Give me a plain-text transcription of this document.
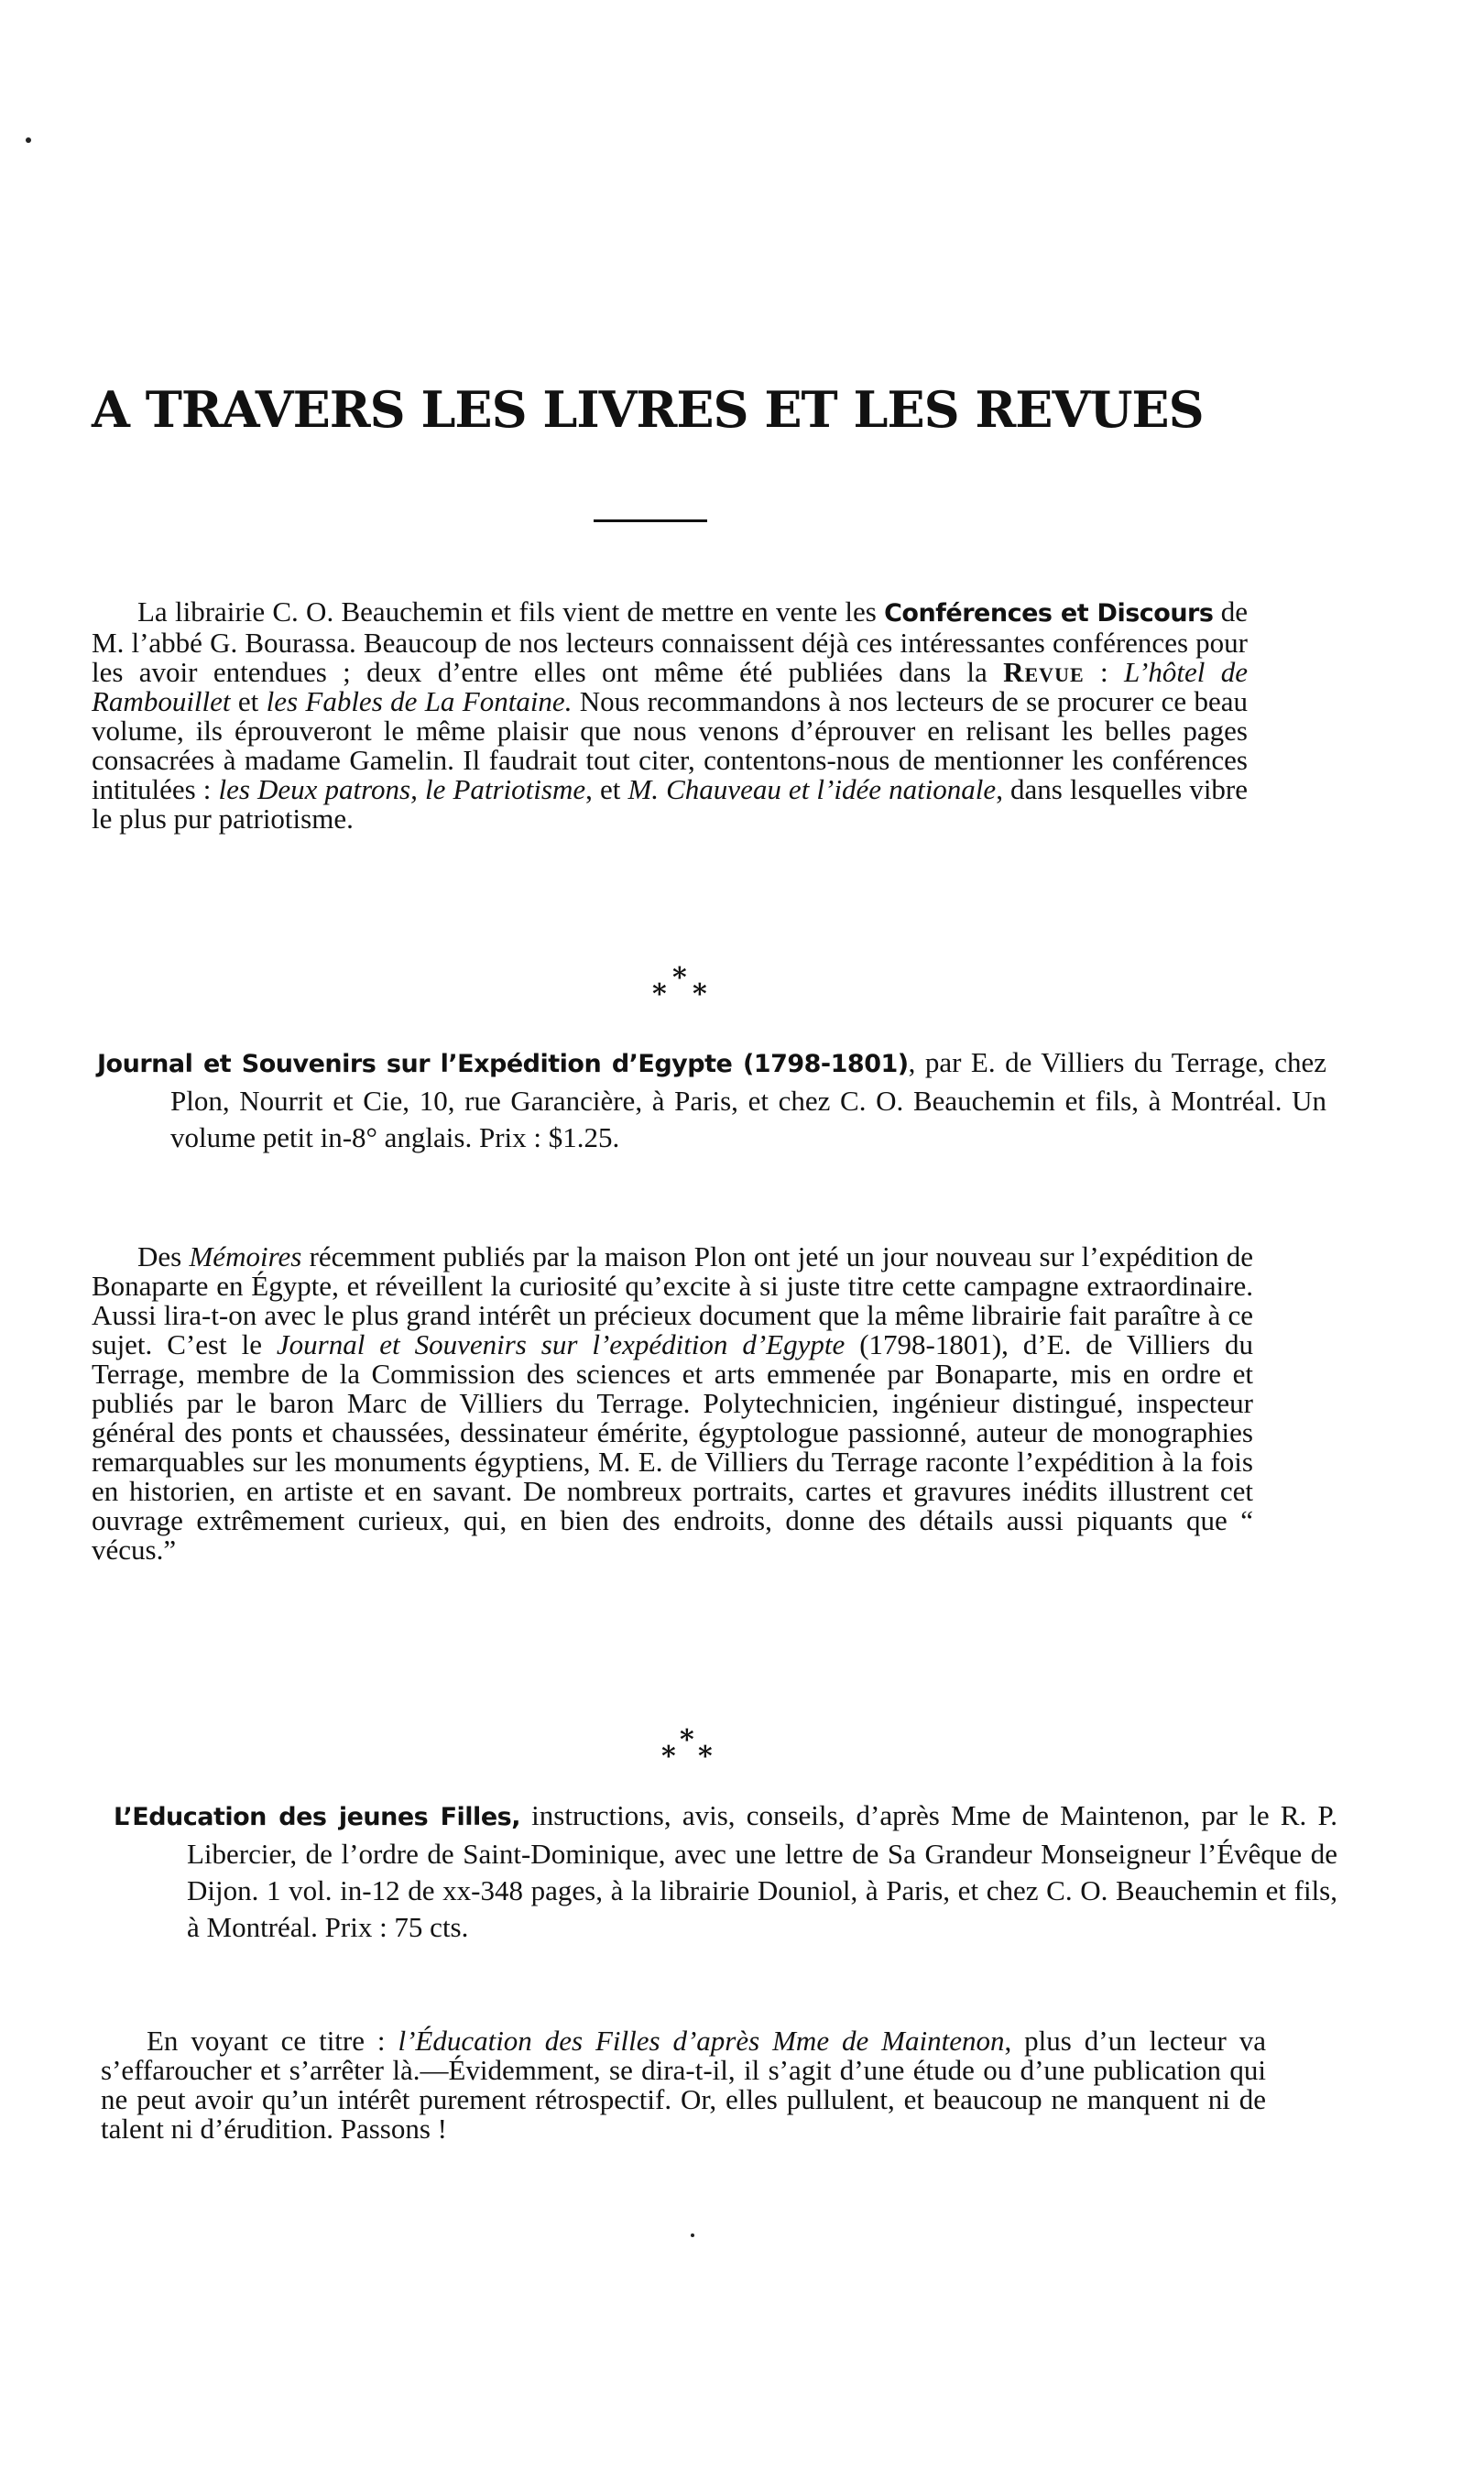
A TRAVERS LES LIVRES ET LES REVUES

La librairie C. O. Beauchemin et fils vient de mettre en vente les Conférences et Discours de M. l’abbé G. Bourassa. Beaucoup de nos lecteurs connaissent déjà ces intéressantes conférences pour les avoir entendues ; deux d’entre elles ont même été publiées dans la Revue : L’hôtel de Rambouillet et les Fables de La Fontaine. Nous recommandons à nos lecteurs de se procurer ce beau volume, ils éprouveront le même plaisir que nous venons d’éprouver en relisant les belles pages consacrées à madame Gamelin. Il faudrait tout citer, contentons-nous de mentionner les conférences intitulées : les Deux patrons, le Patriotisme, et M. Chauveau et l’idée nationale, dans lesquelles vibre le plus pur patriotisme.

*
* *

Journal et Souvenirs sur l’Expédition d’Egypte (1798-1801), par E. de Villiers du Terrage, chez Plon, Nourrit et Cie, 10, rue Garancière, à Paris, et chez C. O. Beauchemin et fils, à Montréal. Un volume petit in-8° anglais. Prix : $1.25.

Des Mémoires récemment publiés par la maison Plon ont jeté un jour nouveau sur l’expédition de Bonaparte en Égypte, et réveillent la curiosité qu’excite à si juste titre cette campagne extraordinaire. Aussi lira-t-on avec le plus grand intérêt un précieux document que la même librairie fait paraître à ce sujet. C’est le Journal et Souvenirs sur l’expédition d’Egypte (1798-1801), d’E. de Villiers du Terrage, membre de la Commission des sciences et arts emmenée par Bonaparte, mis en ordre et publiés par le baron Marc de Villiers du Terrage. Polytechnicien, ingénieur distingué, inspecteur général des ponts et chaussées, dessinateur émérite, égyptologue passionné, auteur de monographies remarquables sur les monuments égyptiens, M. E. de Villiers du Terrage raconte l’expédition à la fois en historien, en artiste et en savant. De nombreux portraits, cartes et gravures inédits illustrent cet ouvrage extrêmement curieux, qui, en bien des endroits, donne des détails aussi piquants que “ vécus.”

*
* *

L’Education des jeunes Filles, instructions, avis, conseils, d’après Mme de Maintenon, par le R. P. Libercier, de l’ordre de Saint-Dominique, avec une lettre de Sa Grandeur Monseigneur l’Évêque de Dijon. 1 vol. in-12 de xx-348 pages, à la librairie Douniol, à Paris, et chez C. O. Beauchemin et fils, à Montréal. Prix : 75 cts.

En voyant ce titre : l’Éducation des Filles d’après Mme de Maintenon, plus d’un lecteur va s’effaroucher et s’arrêter là.—Évidemment, se dira-t-il, il s’agit d’une étude ou d’une publication qui ne peut avoir qu’un intérêt purement rétrospectif. Or, elles pullulent, et beaucoup ne manquent ni de talent ni d’érudition. Passons !
